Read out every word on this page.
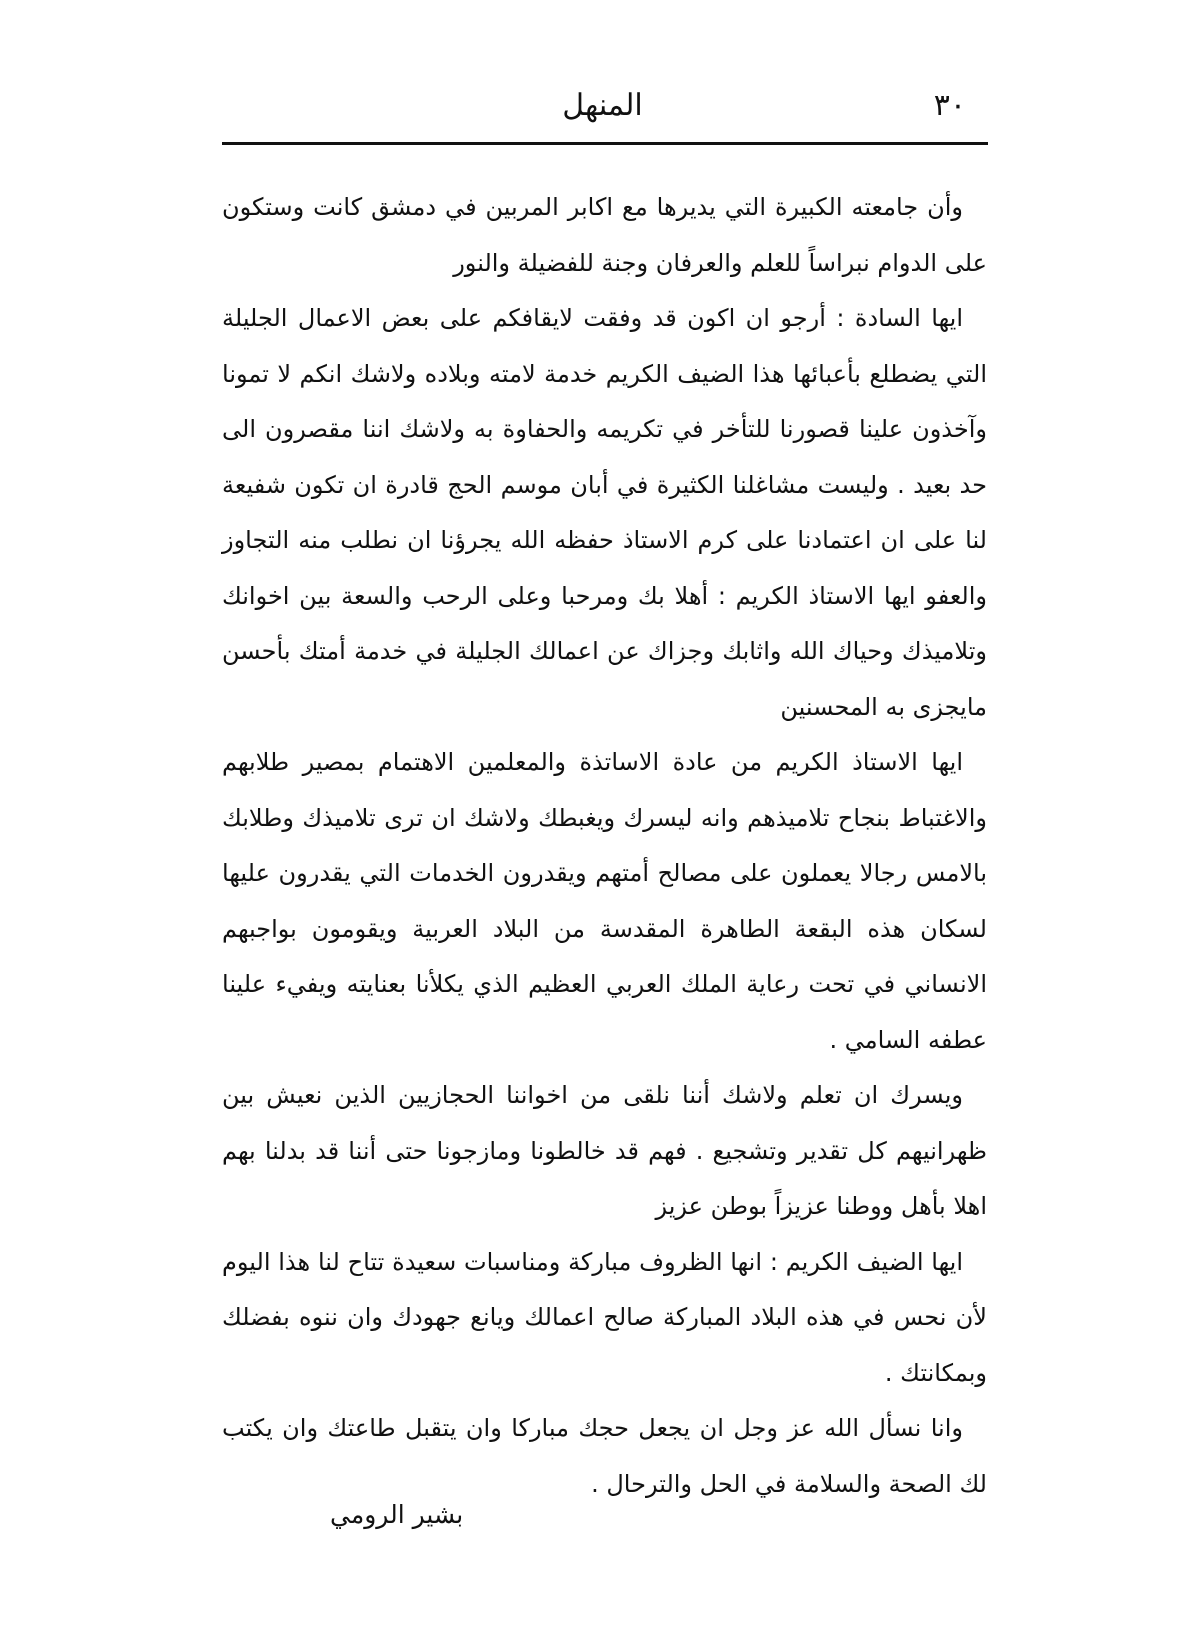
٣٠
المنهل

وأن جامعته الكبيرة التي يديرها مع اكابر المربين في دمشق كانت وستكون على الدوام نبراساً للعلم والعرفان وجنة للفضيلة والنور

ايها السادة : أرجو ان اكون قد وفقت لايقافكم على بعض الاعمال الجليلة التي يضطلع بأعبائها هذا الضيف الكريم خدمة لامته وبلاده ولاشك انكم لا تمونا وآخذون علينا قصورنا للتأخر في تكريمه والحفاوة به ولاشك اننا مقصرون الى حد بعيد . وليست مشاغلنا الكثيرة في أبان موسم الحج قادرة ان تكون شفيعة لنا على ان اعتمادنا على كرم الاستاذ حفظه الله يجرؤنا ان نطلب منه التجاوز والعفو ايها الاستاذ الكريم : أهلا بك ومرحبا وعلى الرحب والسعة بين اخوانك وتلاميذك وحياك الله واثابك وجزاك عن اعمالك الجليلة في خدمة أمتك بأحسن مايجزى به المحسنين

ايها الاستاذ الكريم من عادة الاساتذة والمعلمين الاهتمام بمصير طلابهم والاغتباط بنجاح تلاميذهم وانه ليسرك ويغبطك ولاشك ان ترى تلاميذك وطلابك بالامس رجالا يعملون على مصالح أمتهم ويقدرون الخدمات التي يقدرون عليها لسكان هذه البقعة الطاهرة المقدسة من البلاد العربية ويقومون بواجبهم الانساني في تحت رعاية الملك العربي العظيم الذي يكلأنا بعنايته ويفيء علينا عطفه السامي .

ويسرك ان تعلم ولاشك أننا نلقى من اخواننا الحجازيين الذين نعيش بين ظهرانيهم كل تقدير وتشجيع . فهم قد خالطونا ومازجونا حتى أننا قد بدلنا بهم اهلا بأهل ووطنا عزيزاً بوطن عزيز

ايها الضيف الكريم : انها الظروف مباركة ومناسبات سعيدة تتاح لنا هذا اليوم لأن نحس في هذه البلاد المباركة صالح اعمالك ويانع جهودك وان ننوه بفضلك وبمكانتك .

وانا نسأل الله عز وجل ان يجعل حجك مباركا وان يتقبل طاعتك وان يكتب لك الصحة والسلامة في الحل والترحال .

بشير الرومي
